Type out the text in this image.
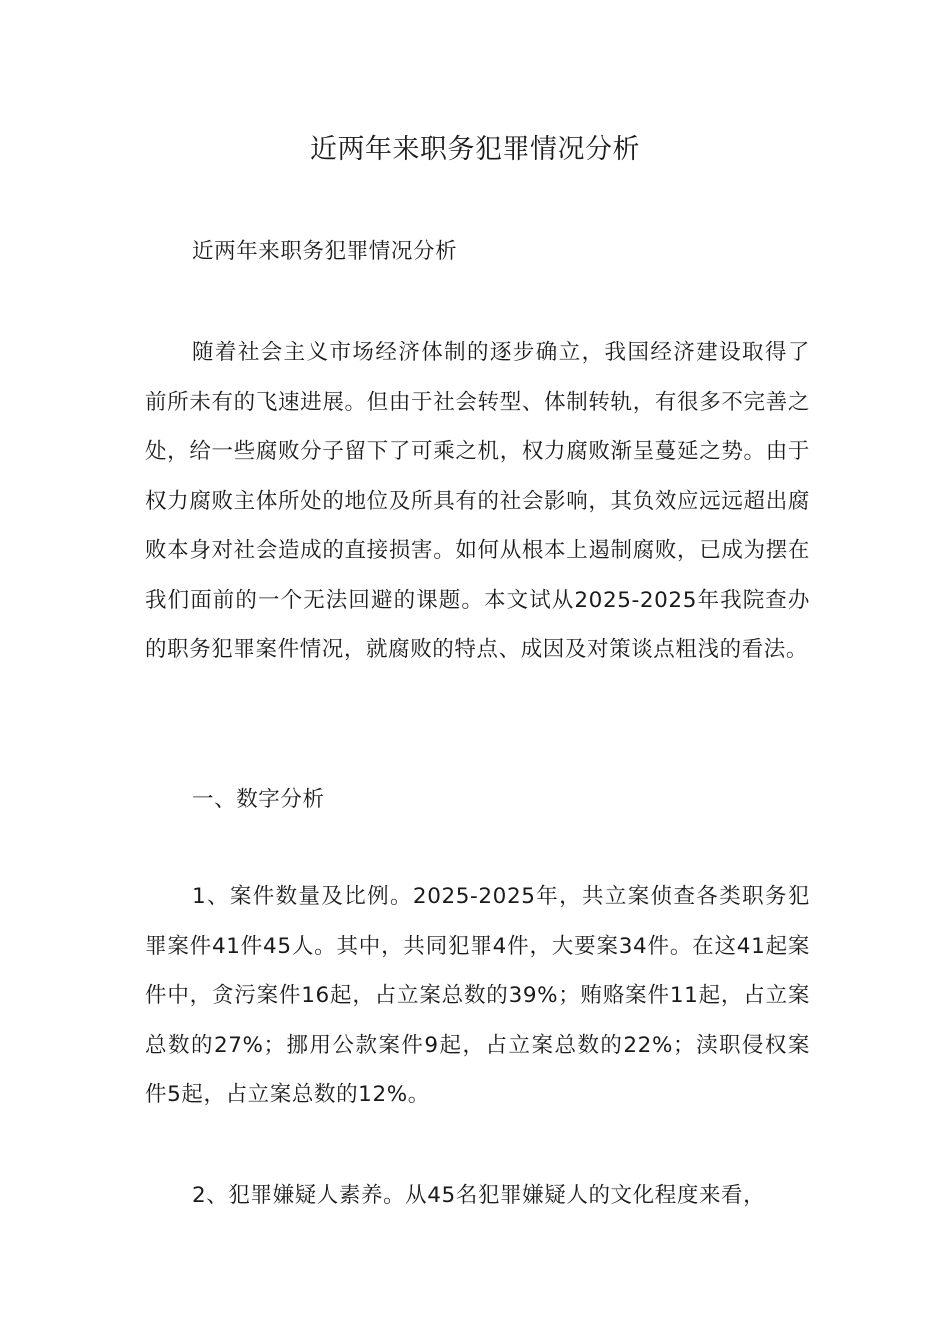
近两年来职务犯罪情况分析

近两年来职务犯罪情况分析

随着社会主义市场经济体制的逐步确立，我国经济建设取得了前所未有的飞速进展。但由于社会转型、体制转轨，有很多不完善之处，给一些腐败分子留下了可乘之机，权力腐败渐呈蔓延之势。由于权力腐败主体所处的地位及所具有的社会影响，其负效应远远超出腐败本身对社会造成的直接损害。如何从根本上遏制腐败，已成为摆在我们面前的一个无法回避的课题。本文试从2025-2025年我院查办的职务犯罪案件情况，就腐败的特点、成因及对策谈点粗浅的看法。

一、数字分析

1、案件数量及比例。2025-2025年，共立案侦查各类职务犯罪案件41件45人。其中，共同犯罪4件，大要案34件。在这41起案件中，贪污案件16起，占立案总数的39%；贿赂案件11起，占立案总数的27%；挪用公款案件9起，占立案总数的22%；渎职侵权案件5起，占立案总数的12%。

2、犯罪嫌疑人素养。从45名犯罪嫌疑人的文化程度来看，
